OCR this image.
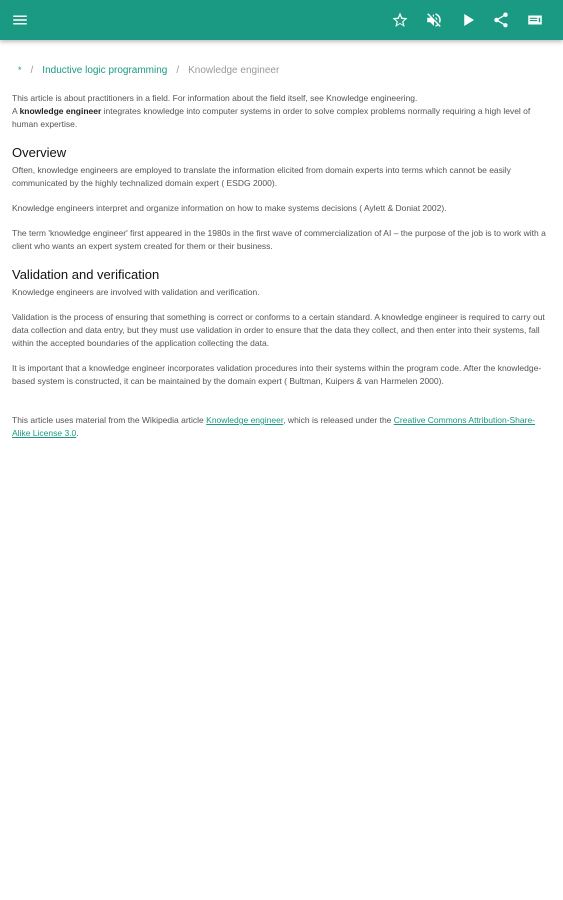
* / Inductive logic programming / Knowledge engineer
This article is about practitioners in a field. For information about the field itself, see Knowledge engineering.

A knowledge engineer integrates knowledge into computer systems in order to solve complex problems normally requiring a high level of human expertise.

Overview

Often, knowledge engineers are employed to translate the information elicited from domain experts into terms which cannot be easily communicated by the highly technalized domain expert ( ESDG 2000).

Knowledge engineers interpret and organize information on how to make systems decisions ( Aylett & Doniat 2002).

The term 'knowledge engineer' first appeared in the 1980s in the first wave of commercialization of AI – the purpose of the job is to work with a client who wants an expert system created for them or their business.

Validation and verification

Knowledge engineers are involved with validation and verification.

Validation is the process of ensuring that something is correct or conforms to a certain standard. A knowledge engineer is required to carry out data collection and data entry, but they must use validation in order to ensure that the data they collect, and then enter into their systems, fall within the accepted boundaries of the application collecting the data.

It is important that a knowledge engineer incorporates validation procedures into their systems within the program code. After the knowledge-based system is constructed, it can be maintained by the domain expert ( Bultman, Kuipers & van Harmelen 2000).

This article uses material from the Wikipedia article Knowledge engineer, which is released under the Creative Commons Attribution-Share-Alike License 3.0.
